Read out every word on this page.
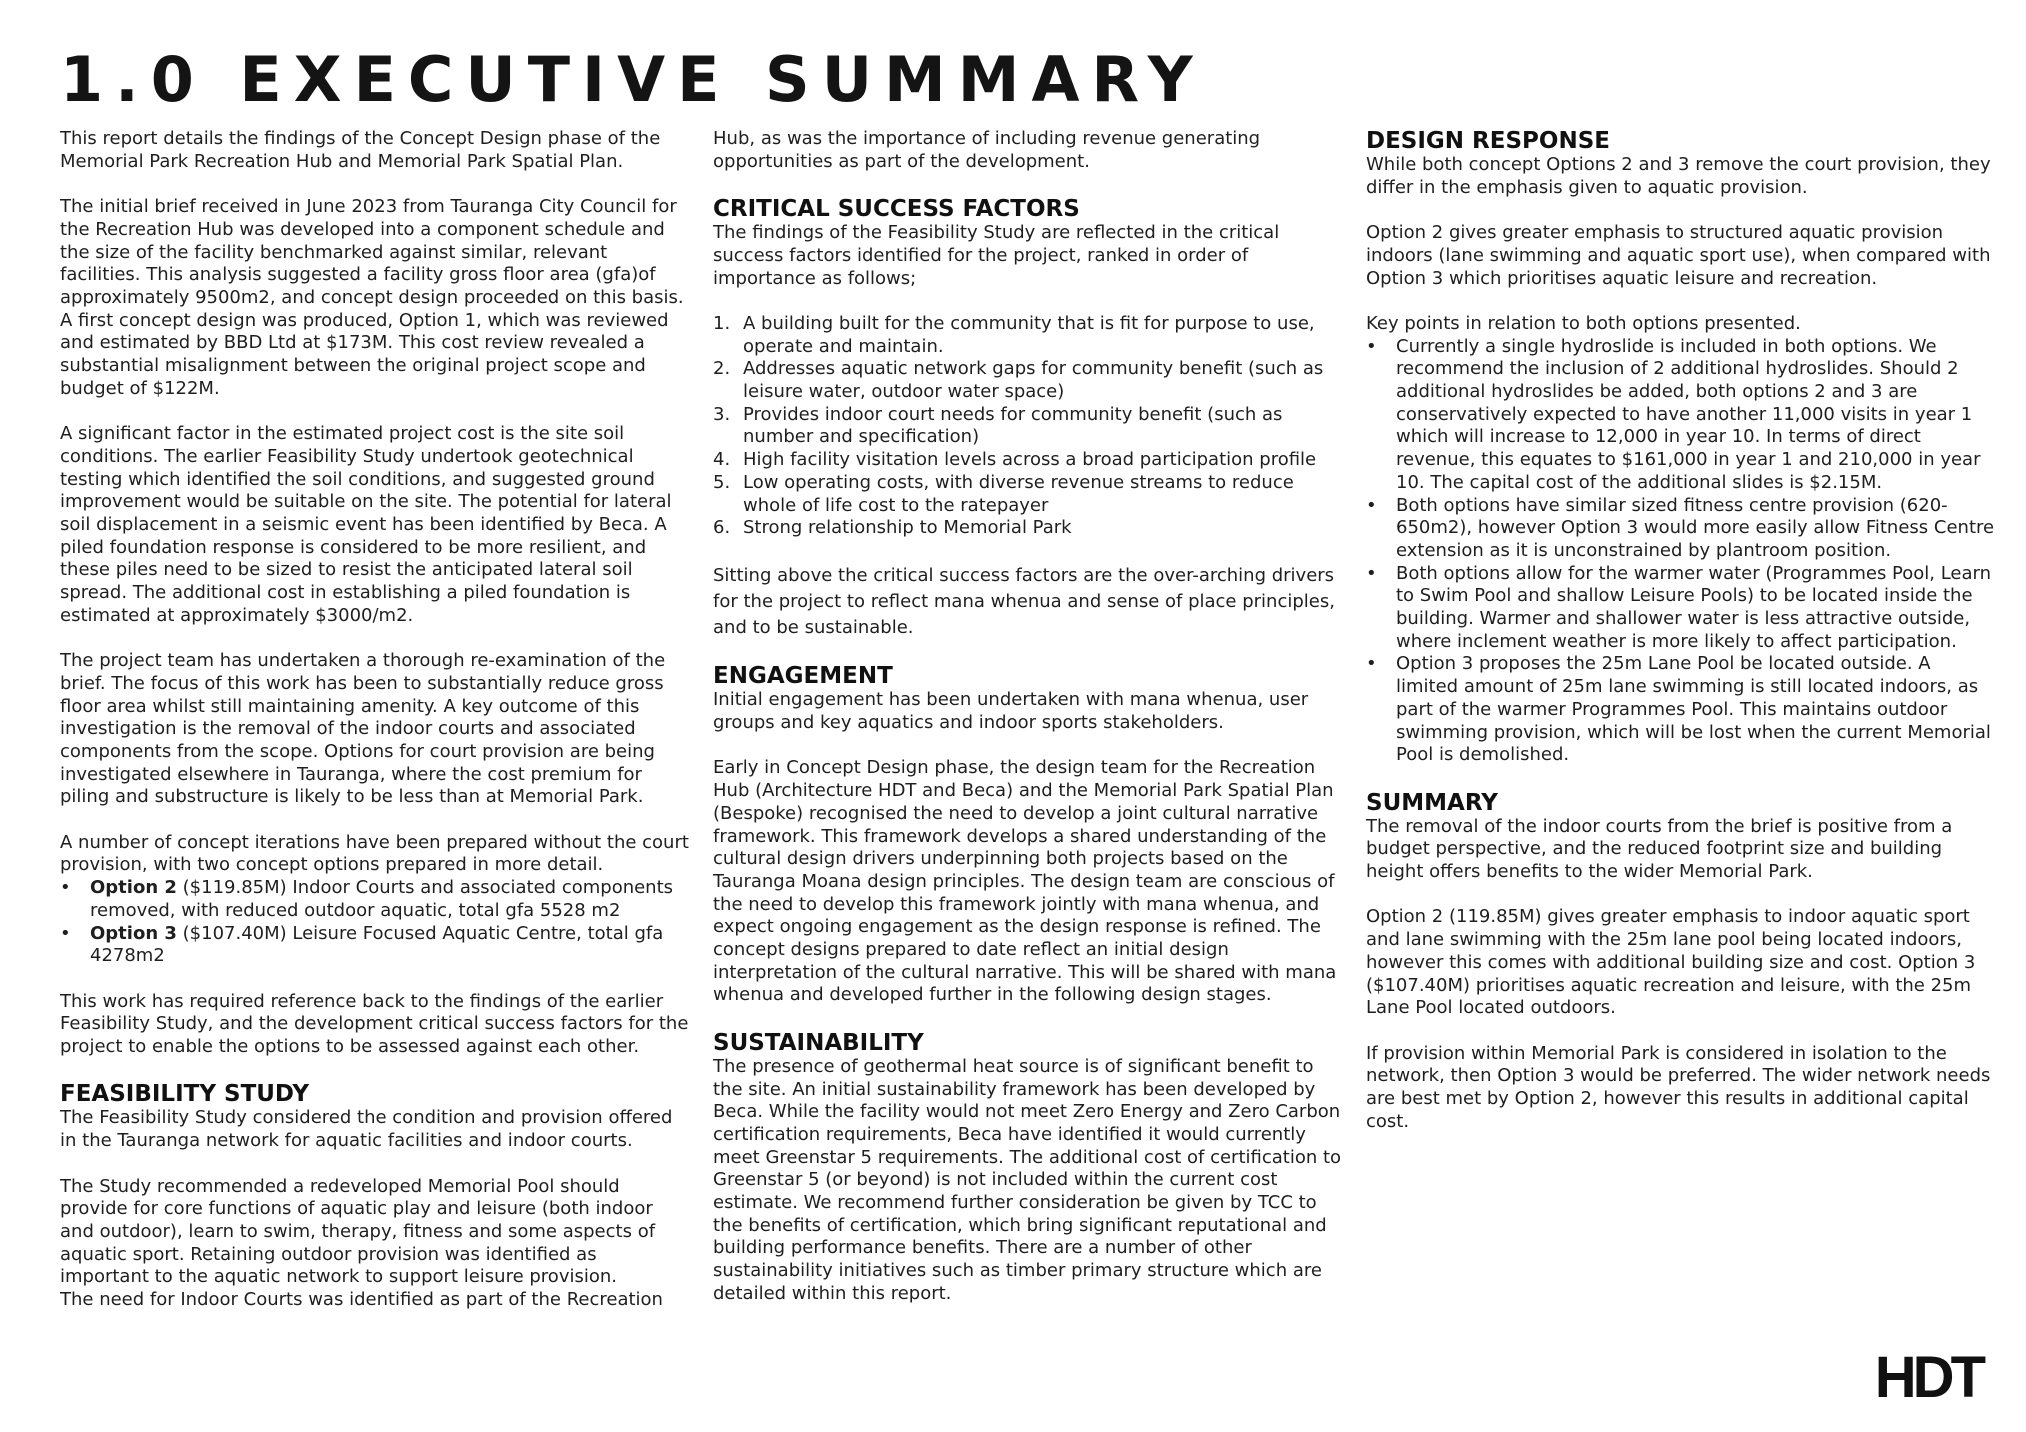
1.0 EXECUTIVE SUMMARY

This report details the findings of the Concept Design phase of the Memorial Park Recreation Hub and Memorial Park Spatial Plan.

The initial brief received in June 2023 from Tauranga City Council for the Recreation Hub was developed into a component schedule and the size of the facility benchmarked against similar, relevant facilities. This analysis suggested a facility gross floor area (gfa)of approximately 9500m2, and concept design proceeded on this basis. A first concept design was produced, Option 1, which was reviewed and estimated by BBD Ltd at $173M. This cost review revealed a substantial misalignment between the original project scope and budget of $122M.

A significant factor in the estimated project cost is the site soil conditions. The earlier Feasibility Study undertook geotechnical testing which identified the soil conditions, and suggested ground improvement would be suitable on the site. The potential for lateral soil displacement in a seismic event has been identified by Beca. A piled foundation response is considered to be more resilient, and these piles need to be sized to resist the anticipated lateral soil spread. The additional cost in establishing a piled foundation is estimated at approximately $3000/m2.

The project team has undertaken a thorough re-examination of the brief. The focus of this work has been to substantially reduce gross floor area whilst still maintaining amenity. A key outcome of this investigation is the removal of the indoor courts and associated components from the scope. Options for court provision are being investigated elsewhere in Tauranga, where the cost premium for piling and substructure is likely to be less than at Memorial Park.

A number of concept iterations have been prepared without the court provision, with two concept options prepared in more detail.

• Option 2 ($119.85M) Indoor Courts and associated components removed, with reduced outdoor aquatic, total gfa 5528 m2
• Option 3 ($107.40M) Leisure Focused Aquatic Centre, total gfa 4278m2

This work has required reference back to the findings of the earlier Feasibility Study, and the development critical success factors for the project to enable the options to be assessed against each other.

FEASIBILITY STUDY

The Feasibility Study considered the condition and provision offered in the Tauranga network for aquatic facilities and indoor courts.

The Study recommended a redeveloped Memorial Pool should provide for core functions of aquatic play and leisure (both indoor and outdoor), learn to swim, therapy, fitness and some aspects of aquatic sport. Retaining outdoor provision was identified as important to the aquatic network to support leisure provision.

The need for Indoor Courts was identified as part of the Recreation

Hub, as was the importance of including revenue generating opportunities as part of the development.

CRITICAL SUCCESS FACTORS

The findings of the Feasibility Study are reflected in the critical success factors identified for the project, ranked in order of importance as follows;

1. A building built for the community that is fit for purpose to use, operate and maintain.
2. Addresses aquatic network gaps for community benefit (such as leisure water, outdoor water space)
3. Provides indoor court needs for community benefit (such as number and specification)
4. High facility visitation levels across a broad participation profile
5. Low operating costs, with diverse revenue streams to reduce whole of life cost to the ratepayer
6. Strong relationship to Memorial Park

Sitting above the critical success factors are the over-arching drivers for the project to reflect mana whenua and sense of place principles, and to be sustainable.

ENGAGEMENT

Initial engagement has been undertaken with mana whenua, user groups and key aquatics and indoor sports stakeholders.

Early in Concept Design phase, the design team for the Recreation Hub (Architecture HDT and Beca) and the Memorial Park Spatial Plan (Bespoke) recognised the need to develop a joint cultural narrative framework. This framework develops a shared understanding of the cultural design drivers underpinning both projects based on the Tauranga Moana design principles. The design team are conscious of the need to develop this framework jointly with mana whenua, and expect ongoing engagement as the design response is refined. The concept designs prepared to date reflect an initial design interpretation of the cultural narrative. This will be shared with mana whenua and developed further in the following design stages.

SUSTAINABILITY

The presence of geothermal heat source is of significant benefit to the site. An initial sustainability framework has been developed by Beca. While the facility would not meet Zero Energy and Zero Carbon certification requirements, Beca have identified it would currently meet Greenstar 5 requirements. The additional cost of certification to Greenstar 5 (or beyond) is not included within the current cost estimate. We recommend further consideration be given by TCC to the benefits of certification, which bring significant reputational and building performance benefits. There are a number of other sustainability initiatives such as timber primary structure which are detailed within this report.

DESIGN RESPONSE

While both concept Options 2 and 3 remove the court provision, they differ in the emphasis given to aquatic provision.

Option 2 gives greater emphasis to structured aquatic provision indoors (lane swimming and aquatic sport use), when compared with Option 3 which prioritises aquatic leisure and recreation.

Key points in relation to both options presented.

• Currently a single hydroslide is included in both options. We recommend the inclusion of 2 additional hydroslides. Should 2 additional hydroslides be added, both options 2 and 3 are conservatively expected to have another 11,000 visits in year 1 which will increase to 12,000 in year 10. In terms of direct revenue, this equates to $161,000 in year 1 and 210,000 in year 10. The capital cost of the additional slides is $2.15M.
• Both options have similar sized fitness centre provision (620-650m2), however Option 3 would more easily allow Fitness Centre extension as it is unconstrained by plantroom position.
• Both options allow for the warmer water (Programmes Pool, Learn to Swim Pool and shallow Leisure Pools) to be located inside the building. Warmer and shallower water is less attractive outside, where inclement weather is more likely to affect participation.
• Option 3 proposes the 25m Lane Pool be located outside. A limited amount of 25m lane swimming is still located indoors, as part of the warmer Programmes Pool. This maintains outdoor swimming provision, which will be lost when the current Memorial Pool is demolished.
SUMMARY

The removal of the indoor courts from the brief is positive from a budget perspective, and the reduced footprint size and building height offers benefits to the wider Memorial Park.

Option 2 (119.85M) gives greater emphasis to indoor aquatic sport and lane swimming with the 25m lane pool being located indoors, however this comes with additional building size and cost. Option 3 ($107.40M) prioritises aquatic recreation and leisure, with the 25m Lane Pool located outdoors.

If provision within Memorial Park is considered in isolation to the network, then Option 3 would be preferred. The wider network needs are best met by Option 2, however this results in additional capital cost.

HDT
